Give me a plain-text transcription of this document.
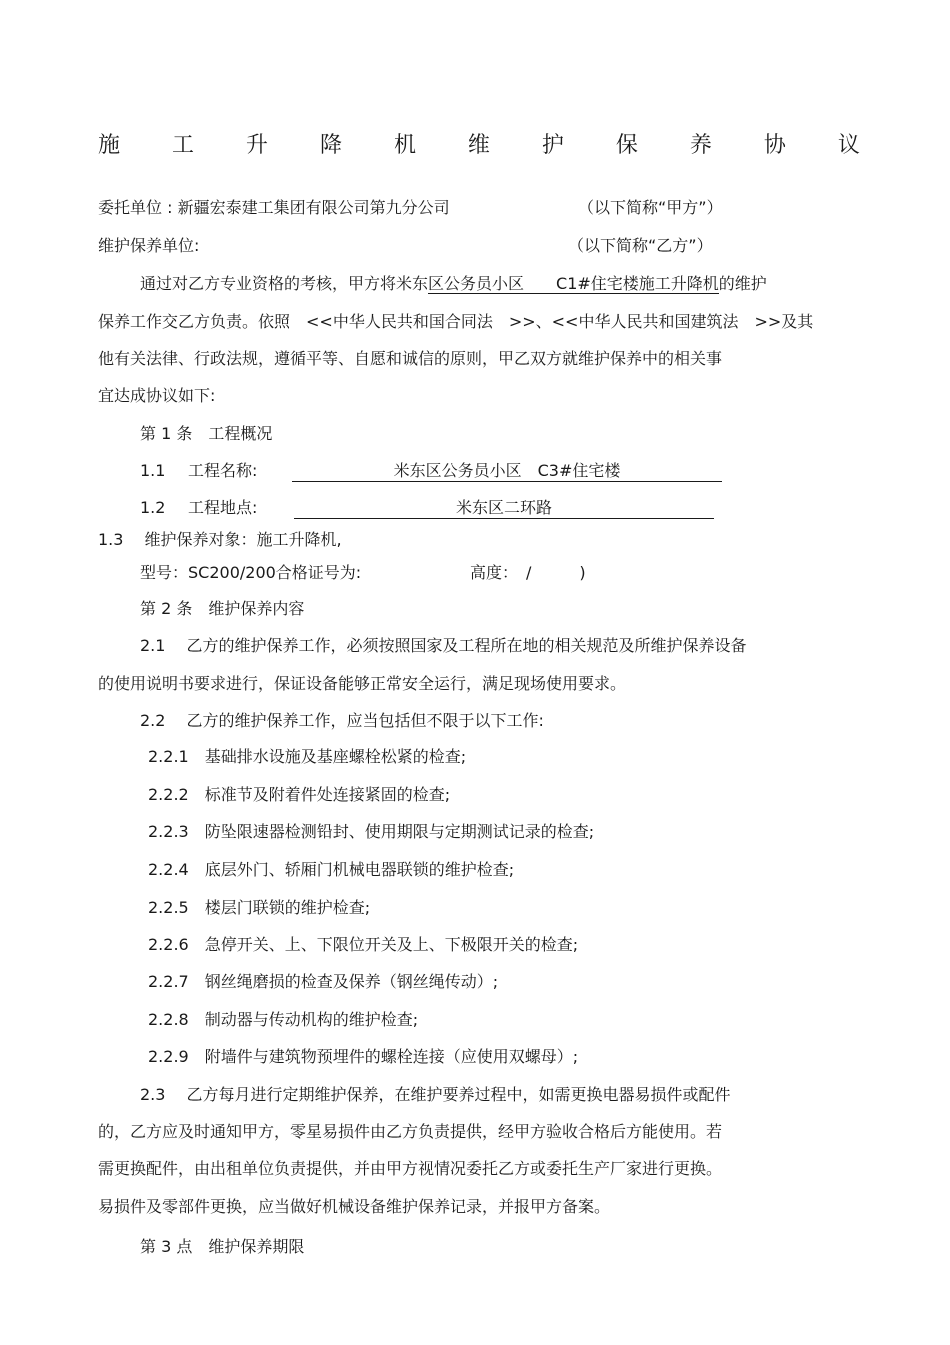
施 工 升 降 机 维 护 保 养 协 议
委托单位 : 新疆宏泰建工集团有限公司第九分公司	（以下简称“甲方”）
维护保养单位:	（以下简称“乙方”）
通过对乙方专业资格的考核，甲方将米东区公务员小区　　C1#住宅楼施工升降机的维护
保养工作交乙方负责。依照　<<中华人民共和国合同法　>>、<<中华人民共和国建筑法　>>及其
他有关法律、行政法规，遵循平等、自愿和诚信的原则，甲乙双方就维护保养中的相关事
宜达成协议如下:
第 1 条　工程概况
1.1 工程名称:	米东区公务员小区　C3#住宅楼
1.2 工程地点:	米东区二环路
1.3　 维护保养对象：施工升降机,
型号：SC200/200合格证号为:	高度：　/　　　)
第 2 条　维护保养内容
2.1　 乙方的维护保养工作，必须按照国家及工程所在地的相关规范及所维护保养设备
的使用说明书要求进行，保证设备能够正常安全运行，满足现场使用要求。
2.2　 乙方的维护保养工作，应当包括但不限于以下工作:
2.2.1　基础排水设施及基座螺栓松紧的检查;
2.2.2　标准节及附着件处连接紧固的检查;
2.2.3　防坠限速器检测铅封、使用期限与定期测试记录的检查;
2.2.4　底层外门、轿厢门机械电器联锁的维护检查;
2.2.5　楼层门联锁的维护检查;
2.2.6　急停开关、上、下限位开关及上、下极限开关的检查;
2.2.7　钢丝绳磨损的检查及保养（钢丝绳传动）;
2.2.8　制动器与传动机构的维护检查;
2.2.9　附墙件与建筑物预埋件的螺栓连接（应使用双螺母）;
2.3　 乙方每月进行定期维护保养，在维护要养过程中，如需更换电器易损件或配件
的，乙方应及时通知甲方，零星易损件由乙方负责提供，经甲方验收合格后方能使用。若
需更换配件，由出租单位负责提供，并由甲方视情况委托乙方或委托生产厂家进行更换。
易损件及零部件更换，应当做好机械设备维护保养记录，并报甲方备案。
第 3 点　维护保养期限
